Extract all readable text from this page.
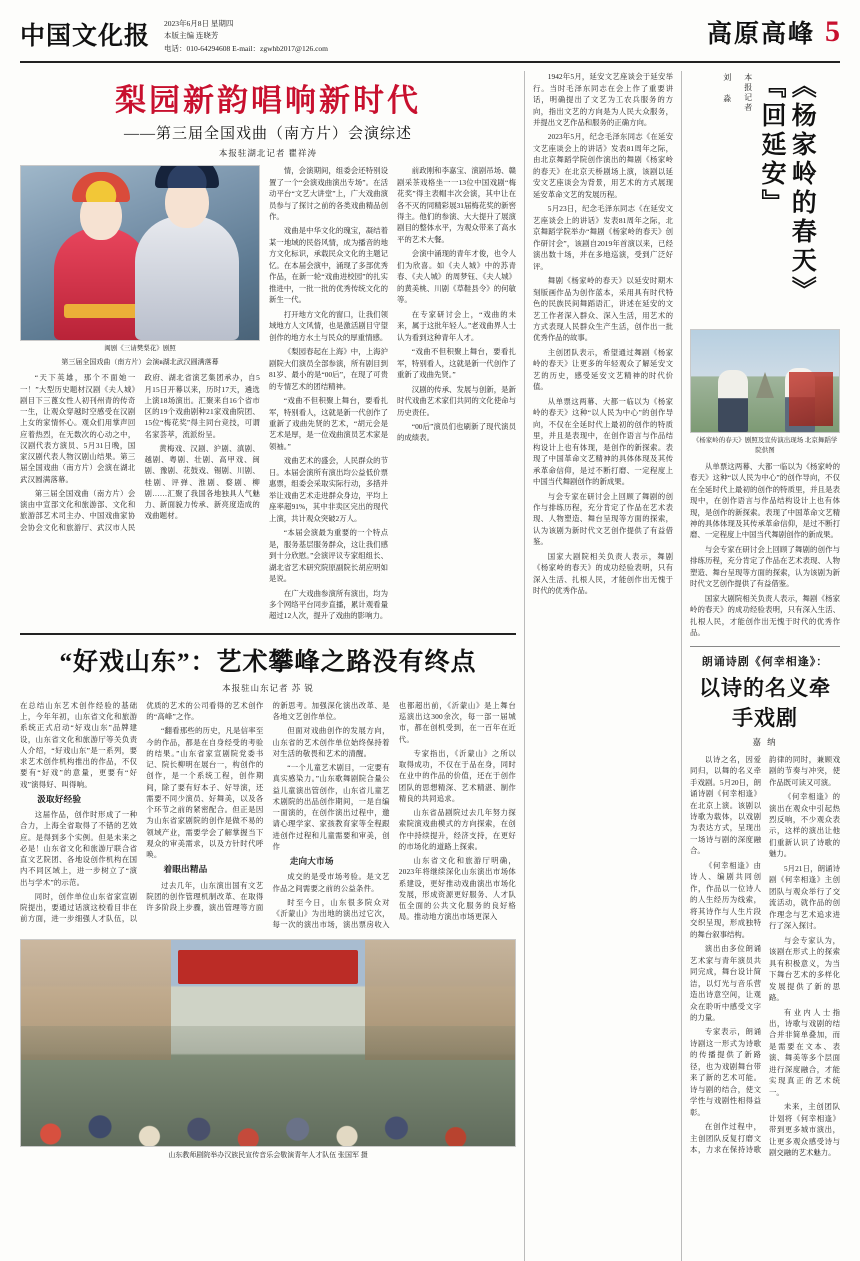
中国文化报 2023年6月8日 星期四
本版主编 连晓芳
电话：010-64294608 E-mail：zgwhb2017@126.com
高原高峰 5
梨园新韵唱响新时代
——第三届全国戏曲（南方片）会演综述
本报驻湖北记者 瞿祥涛
闽剧《三请樊梨花》剧照
第三届全国戏曲（南方片）会演в湖北武汉圆满落幕

“天下英雄，那个不面她一一！”大型历史题材汉剧《夫人城》剧目下三蓖女性人初刊州青的传奇一生，让观众穿越时空感受在汉剧上女的家情怀心。观众们用掌声回应着热烈，在无数次的心动之中，汉剧代表方演员、5月31日晚，国家汉剧代表人物汉剧山结果。第三届全国戏曲（南方片）会演在湖北武汉圆满落幕。

第三届全国戏曲（南方片）会演由中宣部文化和旅游部、文化和旅游部艺术司主办、中国戏曲家协会协会文化和旅游厅、武汉市人民政府、湖北省演艺集团承办，自5月15日开幕以来，历时17天，遴选上演18场演出。汇聚来自16个省市区的19个戏曲剧种21家戏曲院团、15位“梅花奖”得主同台竞技，可谓名家荟萃，流派纷呈。

黄梅戏、汉剧、沪剧、滇剧、越剧、粤剧、壮剧、高甲戏、闽剧、豫剧、花鼓戏、锡剧、川剧、桂剧、评弹、淮剧、婺剧、柳剧……汇聚了我国各地独具人气魅力、新面貌力传承、新亮度造成的戏曲题材。

情，会演期间，组委会还特别设置了一个“会演戏曲演出专场”。在活动平台“文艺大讲堂”上，广大戏曲演员参与了探讨之前的各类戏曲精品创作。

戏曲是中华文化的瑰宝，凝结着某一地域的民俗风情，成为播音的地方文化标识，承载民众文化的主题记忆。在本届会演中，涌现了多部优秀作品，在新一轮“戏曲进校园”的扎实推进中，一批一批的优秀传统文化的新生一代。

打开地方文化的窗口，让我们领域地方人文风情，也是激活剧目守望创作的地方水土与民众的厚重情感。

《梨园春起在上海》中，上海沪剧院大们演员全部参演，所有剧目到81岁、最小的是“00后”，在现了可贵的专情艺术的团结精神。

“戏曲不但积聚上舞台，要看扎军，特别看人，这就是新一代创作了重新了戏曲先贤的艺术，“胡元会是艺术是厚，是一位戏曲演员艺术家是领袖。”

戏曲艺术的盛会，人民群众的节日。本届会演所有演出均公益低价票惠票，组委会采取实际行动，多措并举让戏曲艺术走进群众身边，平均上座率超91%，其中非卖区完出的现代上演，共计观众突破2万人。

“本届会演最为重要的一个特点是，服务基层服务群众，这让我们感到十分欣慰。”会演评议专家组组长、湖北省艺术研究院原副院长胡应明如是说。

在广大戏曲参演所有演出，均为多个网络平台同步直播，累计观看量超过12人次，提升了戏曲的影响力。

前政刚和李嘉宝、演剧吊场、赣剧采茶戏格坐一一13位中国戏剧“梅花奖”得主表帽丰次会演，其中让在各不灭的同精彩展31届梅花奖的新窖得主。他们的参演、大大提升了展演剧目的整体水平，为观众带来了高水平的艺术大餐。

会演中涌现的青年才俊，也令人们为欣喜。如《夫人城》中的苏青春、《夫人城》的周梦钰、《夫人城》的黄美桃、川剧《草鞋县令》的何敏等。

在专家研讨会上，“戏曲的未来，属于这批年轻人。”老戏曲界人士认为看到这种青年人才。

“戏曲不但积聚上舞台，要看扎军，特别看人，这就是新一代创作了重新了戏曲先贤。”

汉剧的传承、发展与创新，是新时代戏曲艺术家们共同的文化使命与历史责任。

“00后”演员们也刷新了现代演员的成绩表。

“好戏山东”：艺术攀峰之路没有终点
本报驻山东记者 苏 锐

在总结山东艺术创作经验的基础上，今年年初，山东省文化和旅游系统正式启动“好戏山东”品牌建设，山东省文化和旅游厅等关负责人介绍，“好戏山东”是一系列，要求艺术创作机构推出的作品，不仅要有“好戏”的意量，更要有“好戏”演得好、叫得响。

汲取好经验

这届作品，创作时形成了一种合力，上海全省取得了不错的艺效应。是得到多个实例。但是未来之必是！山东省文化和旅游厅联合省直文艺院团、各地设创作机构在国内不同区域上，进一步树立了“演出与学术”的示范。

同时，创作单位山东省家宣剧院提出，要通过话演这校看目非在前方面，进一步细强人才队伍，以优质的艺术的公司看得的艺术创作的“高峰”之作。

“翻看那些的历史，凡是信率至今的作品，都是在自身经受的考验的结果。”山东省家宣剧院党委书记、院长柳明在展台一，构创作的创作，是一个系统工程，创作期间，除了要有好本子、好导演，还需要不同少演员、好舞美，以及各个环节之前的紧密配合。但正是因为山东省家剧院的创作是做不易的领域产业，需要学会了解掌握当下观众的审美需求，以及方针时代呼唤。

着眼出精品

过去几年，山东演出国有文艺院团的创作管理机制改革、在取得许多阶段上步骤，演出管理等方面的新思考。加强深化演出改革、是各地文艺创作单位。

但面对戏曲创作的发展方向，山东省的艺术创作单位始终保持着对生活的敬畏和艺术的清醒。

“一个儿童艺术剧目，一定要有真实感染力。”山东歌舞剧院合量公益儿童演出管创作，山东省儿童艺术剧院的出品创作期间，一是自编一面演的，在创作演出过程中，邀请心理学家、家孩教育家等全程跟进创作过程和儿童需要和审美，创作

走向大市场

成交的是受市场考验。是文艺作品之间需要之前的公益条件。

时至今日，山东很多院众对《沂蒙山》为出地的演出过它次，每一次的演出市场，演出票房收入也都超出前，《沂蒙山》是上舞台巡演出这300余次，每一部一届城市，都在创机受到，在一百年在近代。

专家指出，《沂蒙山》之所以取得成功，不仅在于品在身，同时在业中的作品的价值，还在于创作团队的思想精深、艺术精湛、制作精良的共同追求。

山东省品剧院过去几年努力探索院演戏曲模式的方向探索，在创作中持续提升，经济支持，在更好的市场化的道路上探索。

山东省文化和旅游厅明确，2023年将继续深化山东演出市场体系建设，更好推动戏曲演出市场化发展，形成资源更好服务、人才队伍全面的公共文化服务的良好格局。推动地方演出市场更深入

山东教师剧院举办汉族民宣传音乐会敬演青年人才队伍 张国军 摄

1942年5月，延安文艺座谈会于延安举行。当时毛泽东同志在会上作了重要讲话，明确提出了文艺为工农兵服务的方向，指出文艺的方向是为人民大众服务，并提出文艺作品和服务的正确方向。

2023年5月，纪念毛泽东同志《在延安文艺座谈会上的讲话》发表81周年之际，由北京舞蹈学院创作演出的舞剧《杨家岭的春天》在北京天桥剧场上演，该剧以延安文艺座谈会为背景，用艺术的方式展现延安革命文艺的发展历程。

5月23日，纪念毛泽东同志《在延安文艺座谈会上的讲话》发表81周年之际，北京舞蹈学院举办“舞剧《杨家岭的春天》创作研讨会”，该剧自2019年首演以来，已经演出数十场，并在多地巡演，受到广泛好评。

舞剧《杨家岭的春天》以延安时期木刻版画作品为创作蓝本，采用具有时代特色的民族民间舞蹈语汇，讲述在延安的文艺工作者深入群众、深入生活，用艺术的方式表现人民群众生产生活，创作出一批优秀作品的故事。

主创团队表示，希望通过舞剧《杨家岭的春天》让更多的年轻观众了解延安文艺的历史，感受延安文艺精神的时代价值。

从单票这两幕、大都一临以为《杨家岭的春天》这种“以人民为中心”的创作导向，不仅在全延时代上最初的创作的特质里，并且是表现中，在创作语言与作品结构设计上也有体现，是创作的新探索。表现了中国革命文艺精神的具体体现及其传承革命信仰，是过不断打磨、一定程度上中国当代舞剧创作的新成果。

与会专家在研讨会上回顾了舞剧的创作与排练历程，充分肯定了作品在艺术表现、人物塑造、舞台呈现等方面的探索，认为该剧为新时代文艺创作提供了有益借鉴。

国家大剧院相关负责人表示，舞剧《杨家岭的春天》的成功经验表明，只有深入生活、扎根人民，才能创作出无愧于时代的优秀作品。

刘 淼 本报记者 『回延安』 《杨家岭的春天》
《杨家岭的春天》剧照及宣传演出现场 北京舞蹈学院供图

从单票这两幕、大都一临以为《杨家岭的春天》这种“以人民为中心”的创作导向，不仅在全延时代上最初的创作的特质里，并且是表现中，在创作语言与作品结构设计上也有体现，是创作的新探索。表现了中国革命文艺精神的具体体现及其传承革命信仰，是过不断打磨、一定程度上中国当代舞剧创作的新成果。

与会专家在研讨会上回顾了舞剧的创作与排练历程，充分肯定了作品在艺术表现、人物塑造、舞台呈现等方面的探索，认为该剧为新时代文艺创作提供了有益借鉴。

国家大剧院相关负责人表示，舞剧《杨家岭的春天》的成功经验表明，只有深入生活、扎根人民，才能创作出无愧于时代的优秀作品。

朗诵诗剧《何幸相逢》：
以诗的名义牵手戏剧
嘉 纳

以诗之名，因爱同归，以舞的名义牵手戏剧。5月20日，朗诵诗剧《何幸相逢》在北京上演。该剧以诗歌为载体，以戏剧为表达方式，呈现出一场诗与剧的深度融合。

《何幸相逢》由诗人、编剧共同创作，作品以一位诗人的人生经历为线索，将其诗作与人生片段交织呈现，形成独特的舞台叙事结构。

演出由多位朗诵艺术家与青年演员共同完成，舞台设计简洁，以灯光与音乐营造出诗意空间，让观众在聆听中感受文字的力量。

专家表示，朗诵诗剧这一形式为诗歌的传播提供了新路径，也为戏剧舞台带来了新的艺术可能。诗与剧的结合，使文学性与戏剧性相得益彰。

在创作过程中，主创团队反复打磨文本，力求在保持诗歌韵律的同时，兼顾戏剧的节奏与冲突，使作品既可读又可演。

《何幸相逢》的演出在观众中引起热烈反响，不少观众表示，这样的演出让他们重新认识了诗歌的魅力。

5月21日，朗诵诗剧《何幸相逢》主创团队与观众举行了交流活动，就作品的创作理念与艺术追求进行了深入探讨。

与会专家认为，该剧在形式上的探索具有积极意义，为当下舞台艺术的多样化发展提供了新的思路。

有业内人士指出，诗歌与戏剧的结合并非简单叠加，而是需要在文本、表演、舞美等多个层面进行深度融合，才能实现真正的艺术统一。

未来，主创团队计划将《何幸相逢》带到更多城市演出，让更多观众感受诗与剧交融的艺术魅力。
